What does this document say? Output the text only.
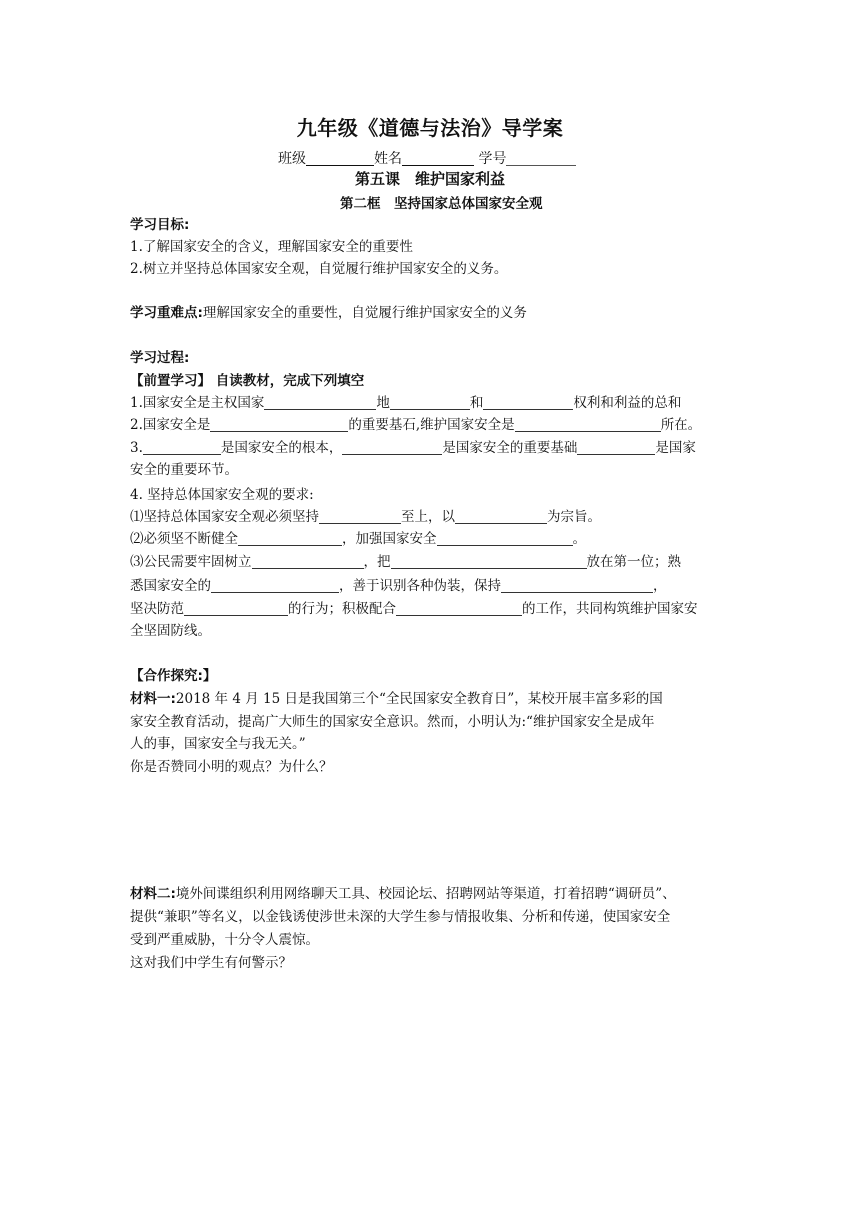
九年级《道德与法治》导学案
班级	姓名	学号
第五课　维护国家利益
第二框　坚持国家总体国家安全观
学习目标:
1.了解国家安全的含义，理解国家安全的重要性
2.树立并坚持总体国家安全观，自觉履行维护国家安全的义务。
学习重难点:理解国家安全的重要性，自觉履行维护国家安全的义务
学习过程:
【前置学习】 自读教材，完成下列填空
1.国家安全是主权国家	地	和	权利和利益的总和
2.国家安全是	的重要基石,维护国家安全是	所在。
3.	是国家安全的根本，	是国家安全的重要基础	是国家
安全的重要环节。
4. 坚持总体国家安全观的要求:
⑴坚持总体国家安全观必须坚持	至上，以	为宗旨。
⑵必须坚不断健全	，加强国家安全	。
⑶公民需要牢固树立	，把	放在第一位；熟
悉国家安全的	，善于识别各种伪装，保持	，
坚决防范	的行为；积极配合	的工作，共同构筑维护国家安
全坚固防线。
【合作探究:】
材料一:2018 年 4 月 15 日是我国第三个“全民国家安全教育日”，某校开展丰富多彩的国
家安全教育活动，提高广大师生的国家安全意识。然而，小明认为:“维护国家安全是成年
人的事，国家安全与我无关。”
你是否赞同小明的观点？为什么？
材料二:境外间谍组织利用网络聊天工具、校园论坛、招聘网站等渠道，打着招聘“调研员”、
提供“兼职”等名义，以金钱诱使涉世未深的大学生参与情报收集、分析和传递，使国家安全
受到严重威胁，十分令人震惊。
这对我们中学生有何警示？
